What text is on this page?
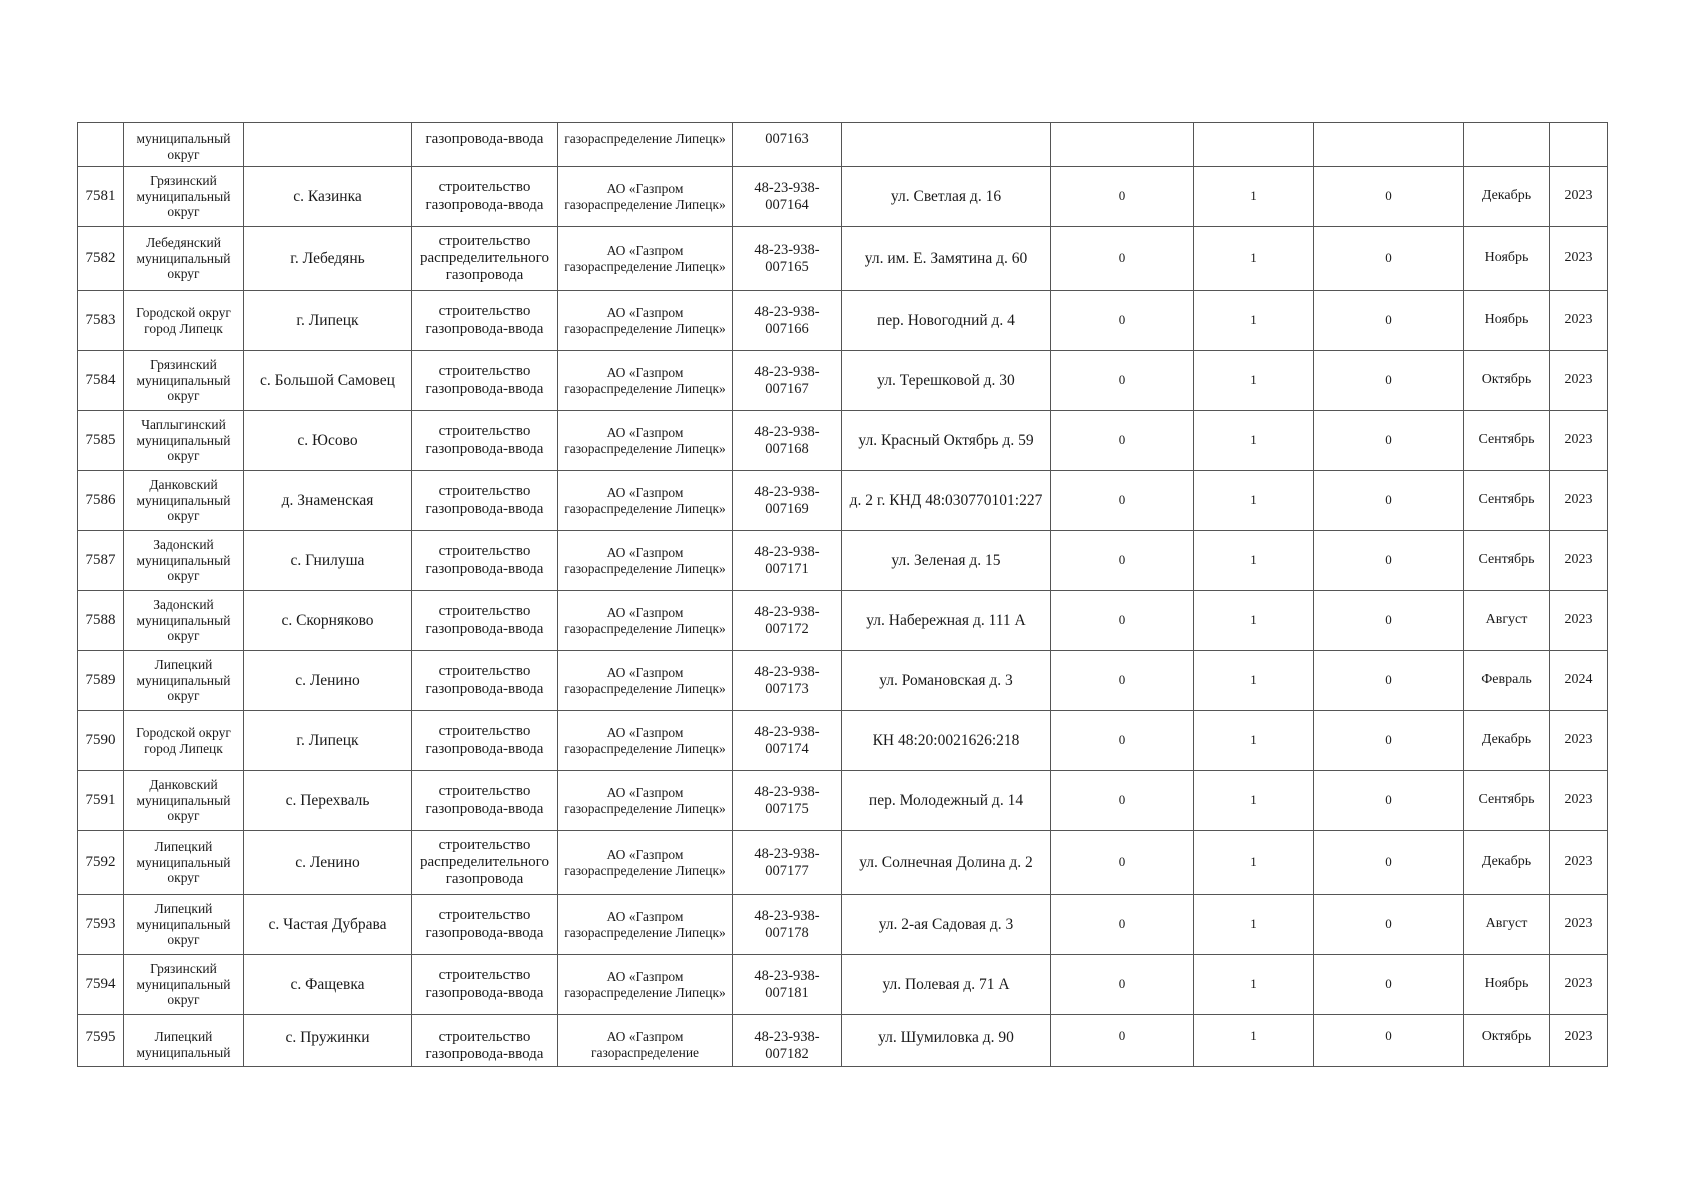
	муниципальный округ		газопровода-ввода	газораспределение Липецк»	007163						
7581	Грязинский муниципальный округ	с. Казинка	строительство газопровода-ввода	АО «Газпром газораспределение Липецк»	48-23-938-007164	ул. Светлая д. 16	0	1	0	Декабрь	2023
7582	Лебедянский муниципальный округ	г. Лебедянь	строительство распределительного газопровода	АО «Газпром газораспределение Липецк»	48-23-938-007165	ул. им. Е. Замятина д. 60	0	1	0	Ноябрь	2023
7583	Городской округ город Липецк	г. Липецк	строительство газопровода-ввода	АО «Газпром газораспределение Липецк»	48-23-938-007166	пер. Новогодний д. 4	0	1	0	Ноябрь	2023
7584	Грязинский муниципальный округ	с. Большой Самовец	строительство газопровода-ввода	АО «Газпром газораспределение Липецк»	48-23-938-007167	ул. Терешковой д. 30	0	1	0	Октябрь	2023
7585	Чаплыгинский муниципальный округ	с. Юсово	строительство газопровода-ввода	АО «Газпром газораспределение Липецк»	48-23-938-007168	ул. Красный Октябрь д. 59	0	1	0	Сентябрь	2023
7586	Данковский муниципальный округ	д. Знаменская	строительство газопровода-ввода	АО «Газпром газораспределение Липецк»	48-23-938-007169	д. 2 г. КНД 48:030770101:227	0	1	0	Сентябрь	2023
7587	Задонский муниципальный округ	с. Гнилуша	строительство газопровода-ввода	АО «Газпром газораспределение Липецк»	48-23-938-007171	ул. Зеленая д. 15	0	1	0	Сентябрь	2023
7588	Задонский муниципальный округ	с. Скорняково	строительство газопровода-ввода	АО «Газпром газораспределение Липецк»	48-23-938-007172	ул. Набережная д. 111 А	0	1	0	Август	2023
7589	Липецкий муниципальный округ	с. Ленино	строительство газопровода-ввода	АО «Газпром газораспределение Липецк»	48-23-938-007173	ул. Романовская д. 3	0	1	0	Февраль	2024
7590	Городской округ город Липецк	г. Липецк	строительство газопровода-ввода	АО «Газпром газораспределение Липецк»	48-23-938-007174	КН 48:20:0021626:218	0	1	0	Декабрь	2023
7591	Данковский муниципальный округ	с. Перехваль	строительство газопровода-ввода	АО «Газпром газораспределение Липецк»	48-23-938-007175	пер. Молодежный д. 14	0	1	0	Сентябрь	2023
7592	Липецкий муниципальный округ	с. Ленино	строительство распределительного газопровода	АО «Газпром газораспределение Липецк»	48-23-938-007177	ул. Солнечная Долина д. 2	0	1	0	Декабрь	2023
7593	Липецкий муниципальный округ	с. Частая Дубрава	строительство газопровода-ввода	АО «Газпром газораспределение Липецк»	48-23-938-007178	ул. 2-ая Садовая д. 3	0	1	0	Август	2023
7594	Грязинский муниципальный округ	с. Фащевка	строительство газопровода-ввода	АО «Газпром газораспределение Липецк»	48-23-938-007181	ул. Полевая д. 71 А	0	1	0	Ноябрь	2023
7595	Липецкий муниципальный	с. Пружинки	строительство газопровода-ввода	АО «Газпром газораспределение	48-23-938-007182	ул. Шумиловка д. 90	0	1	0	Октябрь	2023
